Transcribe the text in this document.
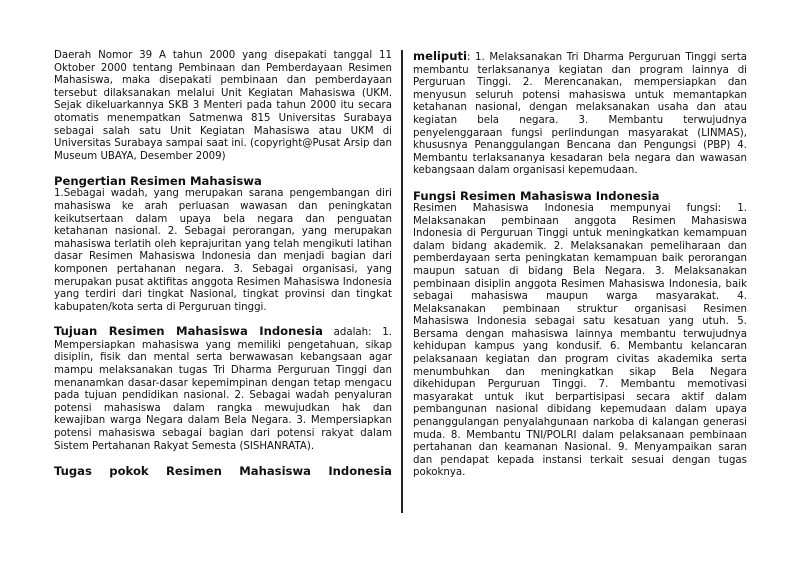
Daerah Nomor 39 A tahun 2000 yang disepakati tanggal 11 Oktober 2000 tentang Pembinaan dan Pemberdayaan Resimen Mahasiswa, maka disepakati pembinaan dan pemberdayaan tersebut dilaksanakan melalui Unit Kegiatan Mahasiswa (UKM. Sejak dikeluarkannya SKB 3 Menteri pada tahun 2000 itu secara otomatis menempatkan Satmenwa 815 Universitas Surabaya sebagai salah satu Unit Kegiatan Mahasiswa atau UKM di Universitas Surabaya sampai saat ini. (copyright@Pusat Arsip dan Museum UBAYA, Desember 2009)

Pengertian Resimen Mahasiswa

1.Sebagai wadah, yang merupakan sarana pengembangan diri mahasiswa ke arah perluasan wawasan dan peningkatan keikutsertaan dalam upaya bela negara dan penguatan ketahanan nasional. 2. Sebagai perorangan, yang merupakan mahasiswa terlatih oleh keprajuritan yang telah mengikuti latihan dasar Resimen Mahasiswa Indonesia dan menjadi bagian dari komponen pertahanan negara. 3. Sebagai organisasi, yang merupakan pusat aktifitas anggota Resimen Mahasiswa Indonesia yang terdiri dari tingkat Nasional, tingkat provinsi dan tingkat kabupaten/kota serta di Perguruan tinggi.

Tujuan Resimen Mahasiswa Indonesia adalah: 1. Mempersiapkan mahasiswa yang memiliki pengetahuan, sikap disiplin, fisik dan mental serta berwawasan kebangsaan agar mampu melaksanakan tugas Tri Dharma Perguruan Tinggi dan menanamkan dasar-dasar kepemimpinan dengan tetap mengacu pada tujuan pendidikan nasional. 2. Sebagai wadah penyaluran potensi mahasiswa dalam rangka mewujudkan hak dan kewajiban warga Negara dalam Bela Negara. 3. Mempersiapkan potensi mahasiswa sebagai bagian dari potensi rakyat dalam Sistem Pertahanan Rakyat Semesta (SISHANRATA).

Tugas pokok Resimen Mahasiswa Indonesia

meliputi: 1. Melaksanakan Tri Dharma Perguruan Tinggi serta membantu terlaksananya kegiatan dan program lainnya di Perguruan Tinggi. 2. Merencanakan, mempersiapkan dan menyusun seluruh potensi mahasiswa untuk memantapkan ketahanan nasional, dengan melaksanakan usaha dan atau kegiatan bela negara. 3. Membantu terwujudnya penyelenggaraan fungsi perlindungan masyarakat (LINMAS), khususnya Penanggulangan Bencana dan Pengungsi (PBP) 4. Membantu terlaksananya kesadaran bela negara dan wawasan kebangsaan dalam organisasi kepemudaan.

Fungsi Resimen Mahasiswa Indonesia

Resimen Mahasiswa Indonesia mempunyai fungsi: 1. Melaksanakan pembinaan anggota Resimen Mahasiswa Indonesia di Perguruan Tinggi untuk meningkatkan kemampuan dalam bidang akademik. 2. Melaksanakan pemeliharaan dan pemberdayaan serta peningkatan kemampuan baik perorangan maupun satuan di bidang Bela Negara. 3. Melaksanakan pembinaan disiplin anggota Resimen Mahasiswa Indonesia, baik sebagai mahasiswa maupun warga masyarakat. 4. Melaksanakan pembinaan struktur organisasi Resimen Mahasiswa Indonesia sebagai satu kesatuan yang utuh. 5. Bersama dengan mahasiswa lainnya membantu terwujudnya kehidupan kampus yang kondusif. 6. Membantu kelancaran pelaksanaan kegiatan dan program civitas akademika serta menumbuhkan dan meningkatkan sikap Bela Negara dikehidupan Perguruan Tinggi. 7. Membantu memotivasi masyarakat untuk ikut berpartisipasi secara aktif dalam pembangunan nasional dibidang kepemudaan dalam upaya penanggulangan penyalahgunaan narkoba di kalangan generasi muda. 8. Membantu TNI/POLRI dalam pelaksanaan pembinaan pertahanan dan keamanan Nasional. 9. Menyampaikan saran dan pendapat kepada instansi terkait sesuai dengan tugas pokoknya.
